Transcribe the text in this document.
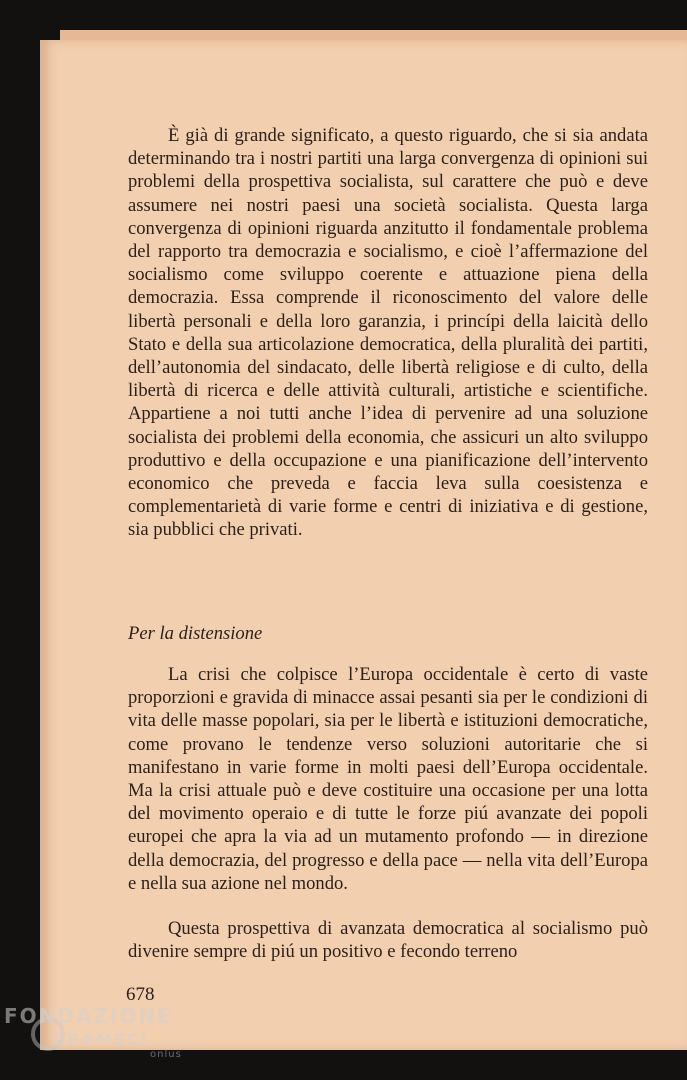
È già di grande significato, a questo riguardo, che si sia andata determinando tra i nostri partiti una larga convergenza di opinioni sui problemi della prospettiva socialista, sul carattere che può e deve assumere nei nostri paesi una società socialista. Questa larga convergenza di opinioni riguarda anzitutto il fondamentale problema del rapporto tra democrazia e socialismo, e cioè l’affermazione del socialismo come sviluppo coerente e attuazione piena della democrazia. Essa comprende il riconoscimento del valore delle libertà personali e della loro garanzia, i princípi della laicità dello Stato e della sua articolazione democratica, della pluralità dei partiti, dell’autonomia del sindacato, delle libertà religiose e di culto, della libertà di ricerca e delle attività culturali, artistiche e scientifiche. Appartiene a noi tutti anche l’idea di pervenire ad una soluzione socialista dei problemi della economia, che assicuri un alto sviluppo produttivo e della occupazione e una pianificazione dell’intervento economico che preveda e faccia leva sulla coesistenza e complementarietà di varie forme e centri di iniziativa e di gestione, sia pubblici che privati.

Per la distensione

La crisi che colpisce l’Europa occidentale è certo di vaste proporzioni e gravida di minacce assai pesanti sia per le condizioni di vita delle masse popolari, sia per le libertà e istituzioni democratiche, come provano le tendenze verso soluzioni autoritarie che si manifestano in varie forme in molti paesi dell’Europa occidentale. Ma la crisi attuale può e deve costituire una occasione per una lotta del movimento operaio e di tutte le forze piú avanzate dei popoli europei che apra la via ad un mutamento profondo — in direzione della democrazia, del progresso e della pace — nella vita dell’Europa e nella sua azione nel mondo.

Questa prospettiva di avanzata democratica al socialismo può divenire sempre di piú un positivo e fecondo terreno

678
FONDAZIONE
GRAMSCI
onlus
